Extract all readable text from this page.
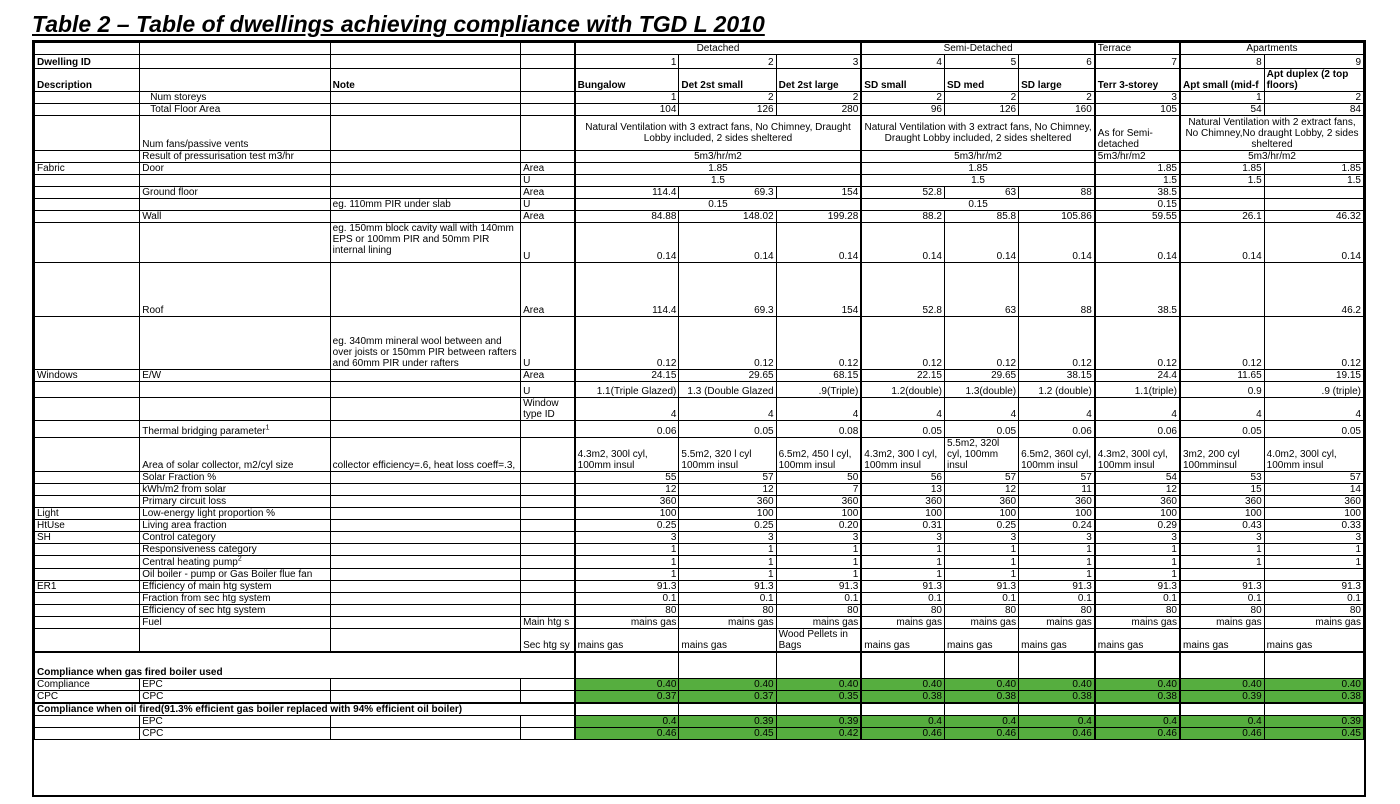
Table 2 – Table of dwellings achieving compliance with TGD L 2010
				Detached			Semi-Detached			Terrace	Apartments	
Dwelling ID				1	2	3	4	5	6	7	8	9
Description		Note		Bungalow	Det 2st small	Det 2st large	SD small	SD med	SD large	Terr 3-storey	Apt small (mid-f	Apt duplex (2 top floors)
	Num storeys			1	2	2	2	2	2	3	1	2
	Total Floor Area			104	126	280	96	126	160	105	54	84
	Num fans/passive vents			Natural Ventilation with 3 extract fans, No Chimney, Draught Lobby included, 2 sides sheltered			Natural Ventilation with 3 extract fans, No Chimney, Draught Lobby included, 2 sides sheltered			As for Semi-detached	Natural Ventilation with 2 extract fans, No Chimney,No draught Lobby, 2 sides sheltered	
	Result of pressurisation test m3/hr			5m3/hr/m2			5m3/hr/m2			5m3/hr/m2	5m3/hr/m2	
Fabric	Door		Area	1.85			1.85			1.85	1.85	1.85
			U	1.5			1.5			1.5	1.5	1.5
	Ground floor		Area	114.4	69.3	154	52.8	63	88	38.5		
		eg. 110mm PIR under slab	U	0.15			0.15			0.15		
	Wall		Area	84.88	148.02	199.28	88.2	85.8	105.86	59.55	26.1	46.32
		eg. 150mm block cavity wall with 140mm EPS or 100mm PIR and 50mm PIR internal lining	U	0.14	0.14	0.14	0.14	0.14	0.14	0.14	0.14	0.14
	Roof		Area	114.4	69.3	154	52.8	63	88	38.5		46.2
		eg. 340mm mineral wool between and over joists or 150mm PIR between rafters and 60mm PIR under rafters	U	0.12	0.12	0.12	0.12	0.12	0.12	0.12	0.12	0.12
Windows	E/W		Area	24.15	29.65	68.15	22.15	29.65	38.15	24.4	11.65	19.15
			U	1.1(Triple Glazed)	1.3 (Double Glazed	.9(Triple)	1.2(double)	1.3(double)	1.2 (double)	1.1(triple)	0.9	.9 (triple)
			Window type ID	4	4	4	4	4	4	4	4	4
	Thermal bridging parameter$^1$			0.06	0.05	0.08	0.05	0.05	0.06	0.06	0.05	0.05
	Area of solar collector, m2/cyl size	collector efficiency=.6, heat loss coeff=.3,		4.3m2, 300l cyl, 100mm insul	5.5m2, 320 l cyl 100mm insul	6.5m2, 450 l cyl, 100mm insul	4.3m2, 300 l cyl, 100mm insul	5.5m2, 320l cyl, 100mm insul	6.5m2, 360l cyl, 100mm insul	4.3m2, 300l cyl, 100mm insul	3m2, 200 cyl 100mminsul	4.0m2, 300l cyl, 100mm insul
	Solar Fraction %			55	57	50	56	57	57	54	53	57
	kWh/m2 from solar			12	12	7	13	12	11	12	15	14
	Primary circuit loss			360	360	360	360	360	360	360	360	360
Light	Low-energy light proportion %			100	100	100	100	100	100	100	100	100
HtUse	Living area fraction			0.25	0.25	0.20	0.31	0.25	0.24	0.29	0.43	0.33
SH	Control category			3	3	3	3	3	3	3	3	3
	Responsiveness category			1	1	1	1	1	1	1	1	1
	Central heating pump$^2$			1	1	1	1	1	1	1	1	1
	Oil boiler - pump or Gas Boiler flue fan			1	1	1	1	1	1	1		
ER1	Efficiency of main htg system			91.3	91.3	91.3	91.3	91.3	91.3	91.3	91.3	91.3
	Fraction from sec htg system			0.1	0.1	0.1	0.1	0.1	0.1	0.1	0.1	0.1
	Efficiency of sec htg system			80	80	80	80	80	80	80	80	80
	Fuel		Main htg s	mains gas	mains gas	mains gas	mains gas	mains gas	mains gas	mains gas	mains gas	mains gas
			Sec htg sy	mains gas	mains gas	Wood Pellets in Bags	mains gas	mains gas	mains gas	mains gas	mains gas	mains gas
Compliance when gas fired boiler used												
Compliance	EPC			0.40	0.40	0.40	0.40	0.40	0.40	0.40	0.40	0.40
CPC	CPC			0.37	0.37	0.35	0.38	0.38	0.38	0.38	0.39	0.38
Compliance when oil fired(91.3% efficient gas boiler replaced with 94% efficient oil boiler)												
	EPC			0.4	0.39	0.39	0.4	0.4	0.4	0.4	0.4	0.39
	CPC			0.46	0.45	0.42	0.46	0.46	0.46	0.46	0.46	0.45
